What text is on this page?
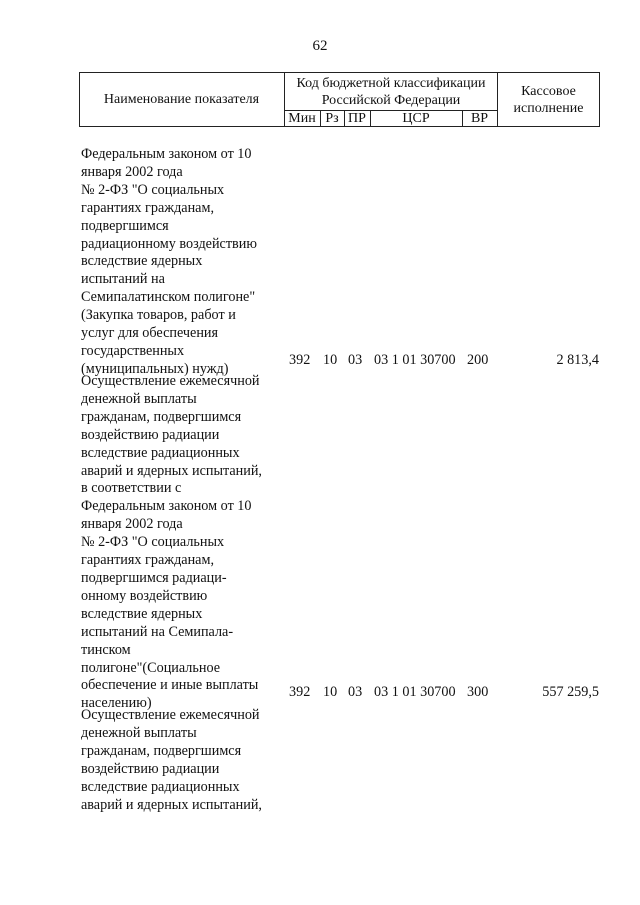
62
Наименование показателя
Код бюджетной классификации
Российской Федерации
Мин Рз ПР	ЦСР	ВР
Кассовое
исполнение
Федеральным законом от 10
января 2002 года
№ 2-ФЗ "О социальных
гарантиях гражданам,
подвергшимся
радиационному воздействию
вследствие ядерных
испытаний на
Семипалатинском полигоне"
(Закупка товаров, работ и
услуг для обеспечения
государственных
(муниципальных) нужд)
392 10 03 03 1 01 30700 200	2 813,4
Осуществление ежемесячной
денежной выплаты
гражданам, подвергшимся
воздействию радиации
вследствие радиационных
аварий и ядерных испытаний,
в соответствии с
Федеральным законом от 10
января 2002 года
№ 2-ФЗ "О социальных
гарантиях гражданам,
подвергшимся радиаци-
онному воздействию
вследствие ядерных
испытаний на Семипала-
тинском
полигоне"(Социальное
обеспечение и иные выплаты
населению)
392 10 03 03 1 01 30700 300	557 259,5
Осуществление ежемесячной
денежной выплаты
гражданам, подвергшимся
воздействию радиации
вследствие радиационных
аварий и ядерных испытаний,
